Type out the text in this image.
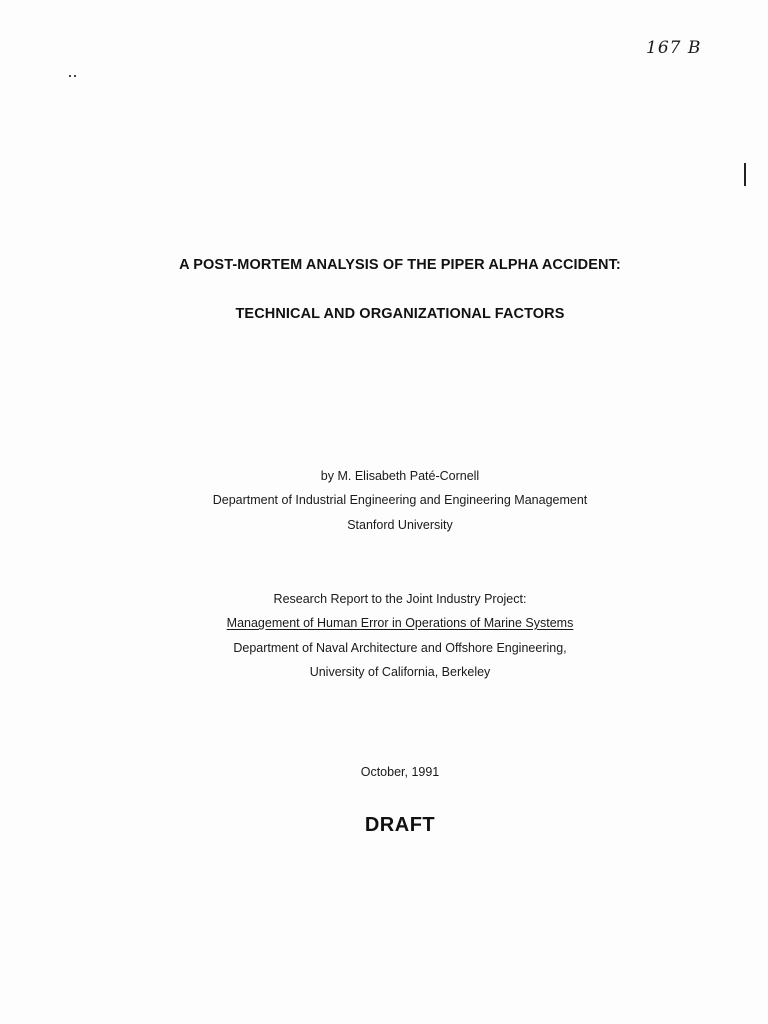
167 B
A POST-MORTEM ANALYSIS OF THE PIPER ALPHA ACCIDENT:
TECHNICAL AND ORGANIZATIONAL FACTORS
by M. Elisabeth Paté-Cornell
Department of Industrial Engineering and Engineering Management
Stanford University
Research Report to the Joint Industry Project:
Management of Human Error in Operations of Marine Systems
Department of Naval Architecture and Offshore Engineering,
University of California, Berkeley
October, 1991
DRAFT
